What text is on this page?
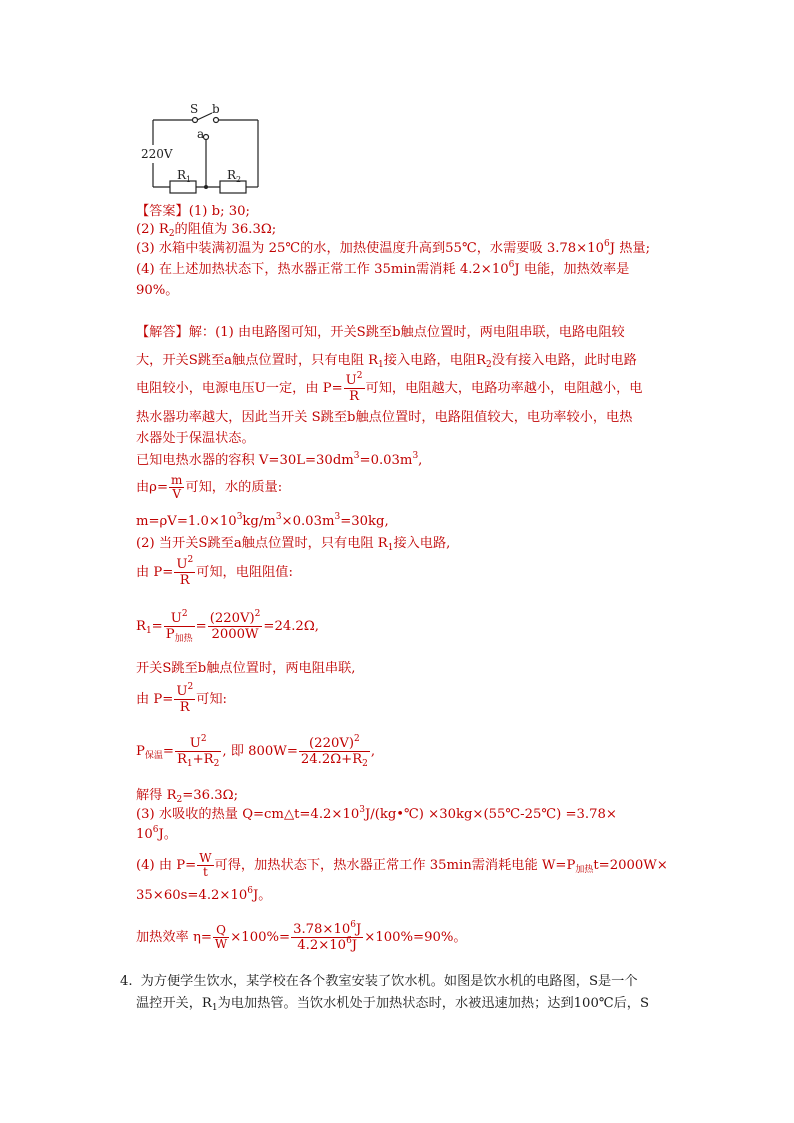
S b
a
220V
$R_1$	$R_2$
【答案】(1) b; 30;
(2) $R_2$的阻值为 36.3Ω;
(3) 水箱中装满初温为 25℃的水，加热使温度升高到55℃，水需要吸 $3.78\times 10^6J$ 热量;
(4) 在上述加热状态下，热水器正常工作 35min需消耗 $4.2\times 10^6J$ 电能，加热效率是
90%。
【解答】解：(1) 由电路图可知，开关S跳至b触点位置时，两电阻串联，电路电阻较
大，开关S跳至a触点位置时，只有电阻 $R_1$接入电路，电阻$R_2$没有接入电路，此时电路
电阻较小，电源电压U一定，由 $P= \frac{U^2}{R}$ 可知，电阻越大，电路功率越小，电阻越小，电
热水器功率越大，因此当开关 S跳至b触点位置时，电路阻值较大，电功率较小，电热
水器处于保温状态。
已知电热水器的容积 $V=30L=30dm^3=0.03m^3$,
由$\rho= \frac{m}{V}$ 可知，水的质量:
$m=\rho V=1.0\times 10^3kg/m^3\times 0.03m^3=30kg$,
(2) 当开关S跳至a触点位置时，只有电阻 $R_1$接入电路,
由 $P= \frac{U^2}{R}$ 可知，电阻阻值:
$R_1= \frac{U^2}{P_{加热}} = \frac{(220V)^2}{2000W} =24.2\Omega$,
开关S跳至b触点位置时，两电阻串联,
由 $P= \frac{U^2}{R}$ 可知:
$P_{保温}= \frac{U^2}{R_1+R_2}$ , 即 $800W= \frac{(220V)^2}{24.2\Omega+R_2}$ ,
解得 $R_2=36.3\Omega$;
(3) 水吸收的热量 $Q=cm\triangle t=4.2\times 10^3J/(kg•℃)$ ×30kg×(55℃-25℃) =3.78×
$10^6J$。
(4) 由 $P= \frac{W}{t}$ 可得，加热状态下，热水器正常工作 35min需消耗电能 $W=P_{加热}t=2000W\times$
$35\times 60s=4.2\times 10^6J$。
加热效率 $\eta= \frac{Q}{W} \times 100\%= \frac{3.78\times 10^6J}{4.2\times 10^6J} \times 100\%=90\%$。
4. 为方便学生饮水，某学校在各个教室安装了饮水机。如图是饮水机的电路图，S是一个
温控开关，$R_1$为电加热管。当饮水机处于加热状态时，水被迅速加热；达到100℃后，S
